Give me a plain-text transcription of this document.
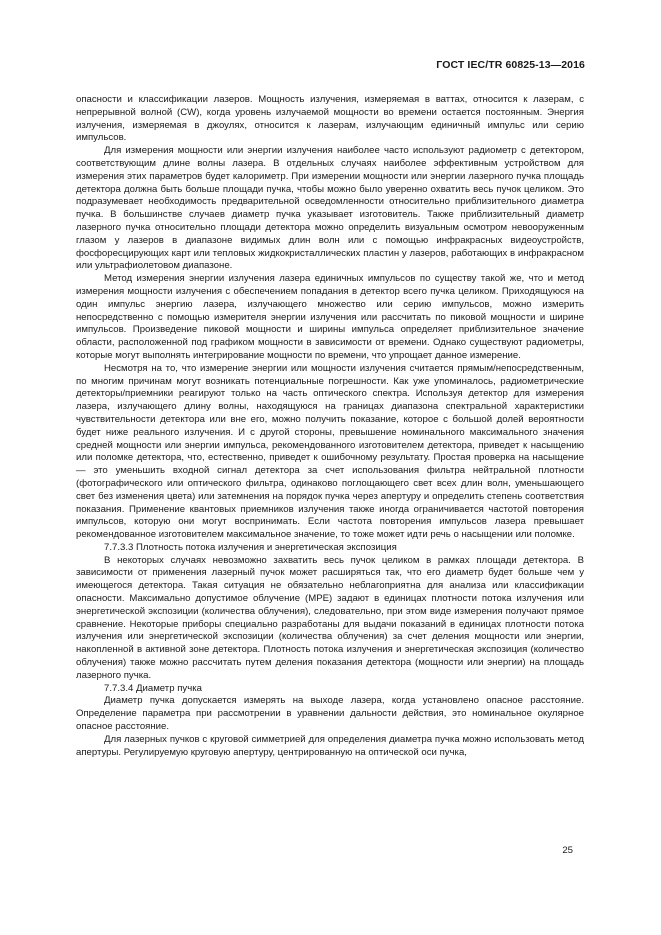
ГОСТ IEC/TR 60825-13—2016

опасности и классификации лазеров. Мощность излучения, измеряемая в ваттах, относится к лазерам, с непрерывной волной (CW), когда уровень излучаемой мощности во времени остается постоянным. Энергия излучения, измеряемая в джоулях, относится к лазерам, излучающим единичный импульс или серию импульсов.

Для измерения мощности или энергии излучения наиболее часто используют радиометр с детектором, соответствующим длине волны лазера. В отдельных случаях наиболее эффективным устройством для измерения этих параметров будет калориметр. При измерении мощности или энергии лазерного пучка площадь детектора должна быть больше площади пучка, чтобы можно было уверенно охватить весь пучок целиком. Это подразумевает необходимость предварительной осведомленности относительно приблизительного диаметра пучка. В большинстве случаев диаметр пучка указывает изготовитель. Также приблизительный диаметр лазерного пучка относительно площади детектора можно определить визуальным осмотром невооруженным глазом у лазеров в диапазоне видимых длин волн или с помощью инфракрасных видеоустройств, фосфоресцирующих карт или тепловых жидкокристаллических пластин у лазеров, работающих в инфракрасном или ультрафиолетовом диапазоне.

Метод измерения энергии излучения лазера единичных импульсов по существу такой же, что и метод измерения мощности излучения с обеспечением попадания в детектор всего пучка целиком. Приходящуюся на один импульс энергию лазера, излучающего множество или серию импульсов, можно измерить непосредственно с помощью измерителя энергии излучения или рассчитать по пиковой мощности и ширине импульсов. Произведение пиковой мощности и ширины импульса определяет приблизительное значение области, расположенной под графиком мощности в зависимости от времени. Однако существуют радиометры, которые могут выполнять интегрирование мощности по времени, что упрощает данное измерение.

Несмотря на то, что измерение энергии или мощности излучения считается прямым/непосредственным, по многим причинам могут возникать потенциальные погрешности. Как уже упоминалось, радиометрические детекторы/приемники реагируют только на часть оптического спектра. Используя детектор для измерения лазера, излучающего длину волны, находящуюся на границах диапазона спектральной характеристики чувствительности детектора или вне его, можно получить показание, которое с большой долей вероятности будет ниже реального излучения. И с другой стороны, превышение номинального максимального значения средней мощности или энергии импульса, рекомендованного изготовителем детектора, приведет к насыщению или поломке детектора, что, естественно, приведет к ошибочному результату. Простая проверка на насыщение — это уменьшить входной сигнал детектора за счет использования фильтра нейтральной плотности (фотографического или оптического фильтра, одинаково поглощающего свет всех длин волн, уменьшающего свет без изменения цвета) или затемнения на порядок пучка через апертуру и определить степень соответствия показания. Применение квантовых приемников излучения также иногда ограничивается частотой повторения импульсов, которую они могут воспринимать. Если частота повторения импульсов лазера превышает рекомендованное изготовителем максимальное значение, то тоже может идти речь о насыщении или поломке.

7.7.3.3 Плотность потока излучения и энергетическая экспозиция

В некоторых случаях невозможно захватить весь пучок целиком в рамках площади детектора. В зависимости от применения лазерный пучок может расширяться так, что его диаметр будет больше чем у имеющегося детектора. Такая ситуация не обязательно неблагоприятна для анализа или классификации опасности. Максимально допустимое облучение (MPE) задают в единицах плотности потока излучения или энергетической экспозиции (количества облучения), следовательно, при этом виде измерения получают прямое сравнение. Некоторые приборы специально разработаны для выдачи показаний в единицах плотности потока излучения или энергетической экспозиции (количества облучения) за счет деления мощности или энергии, накопленной в активной зоне детектора. Плотность потока излучения и энергетическая экспозиция (количество облучения) также можно рассчитать путем деления показания детектора (мощности или энергии) на площадь лазерного пучка.

7.7.3.4 Диаметр пучка

Диаметр пучка допускается измерять на выходе лазера, когда установлено опасное расстояние. Определение параметра при рассмотрении в уравнении дальности действия, это номинальное окулярное опасное расстояние.

Для лазерных пучков с круговой симметрией для определения диаметра пучка можно использовать метод апертуры. Регулируемую круговую апертуру, центрированную на оптической оси пучка,

25
